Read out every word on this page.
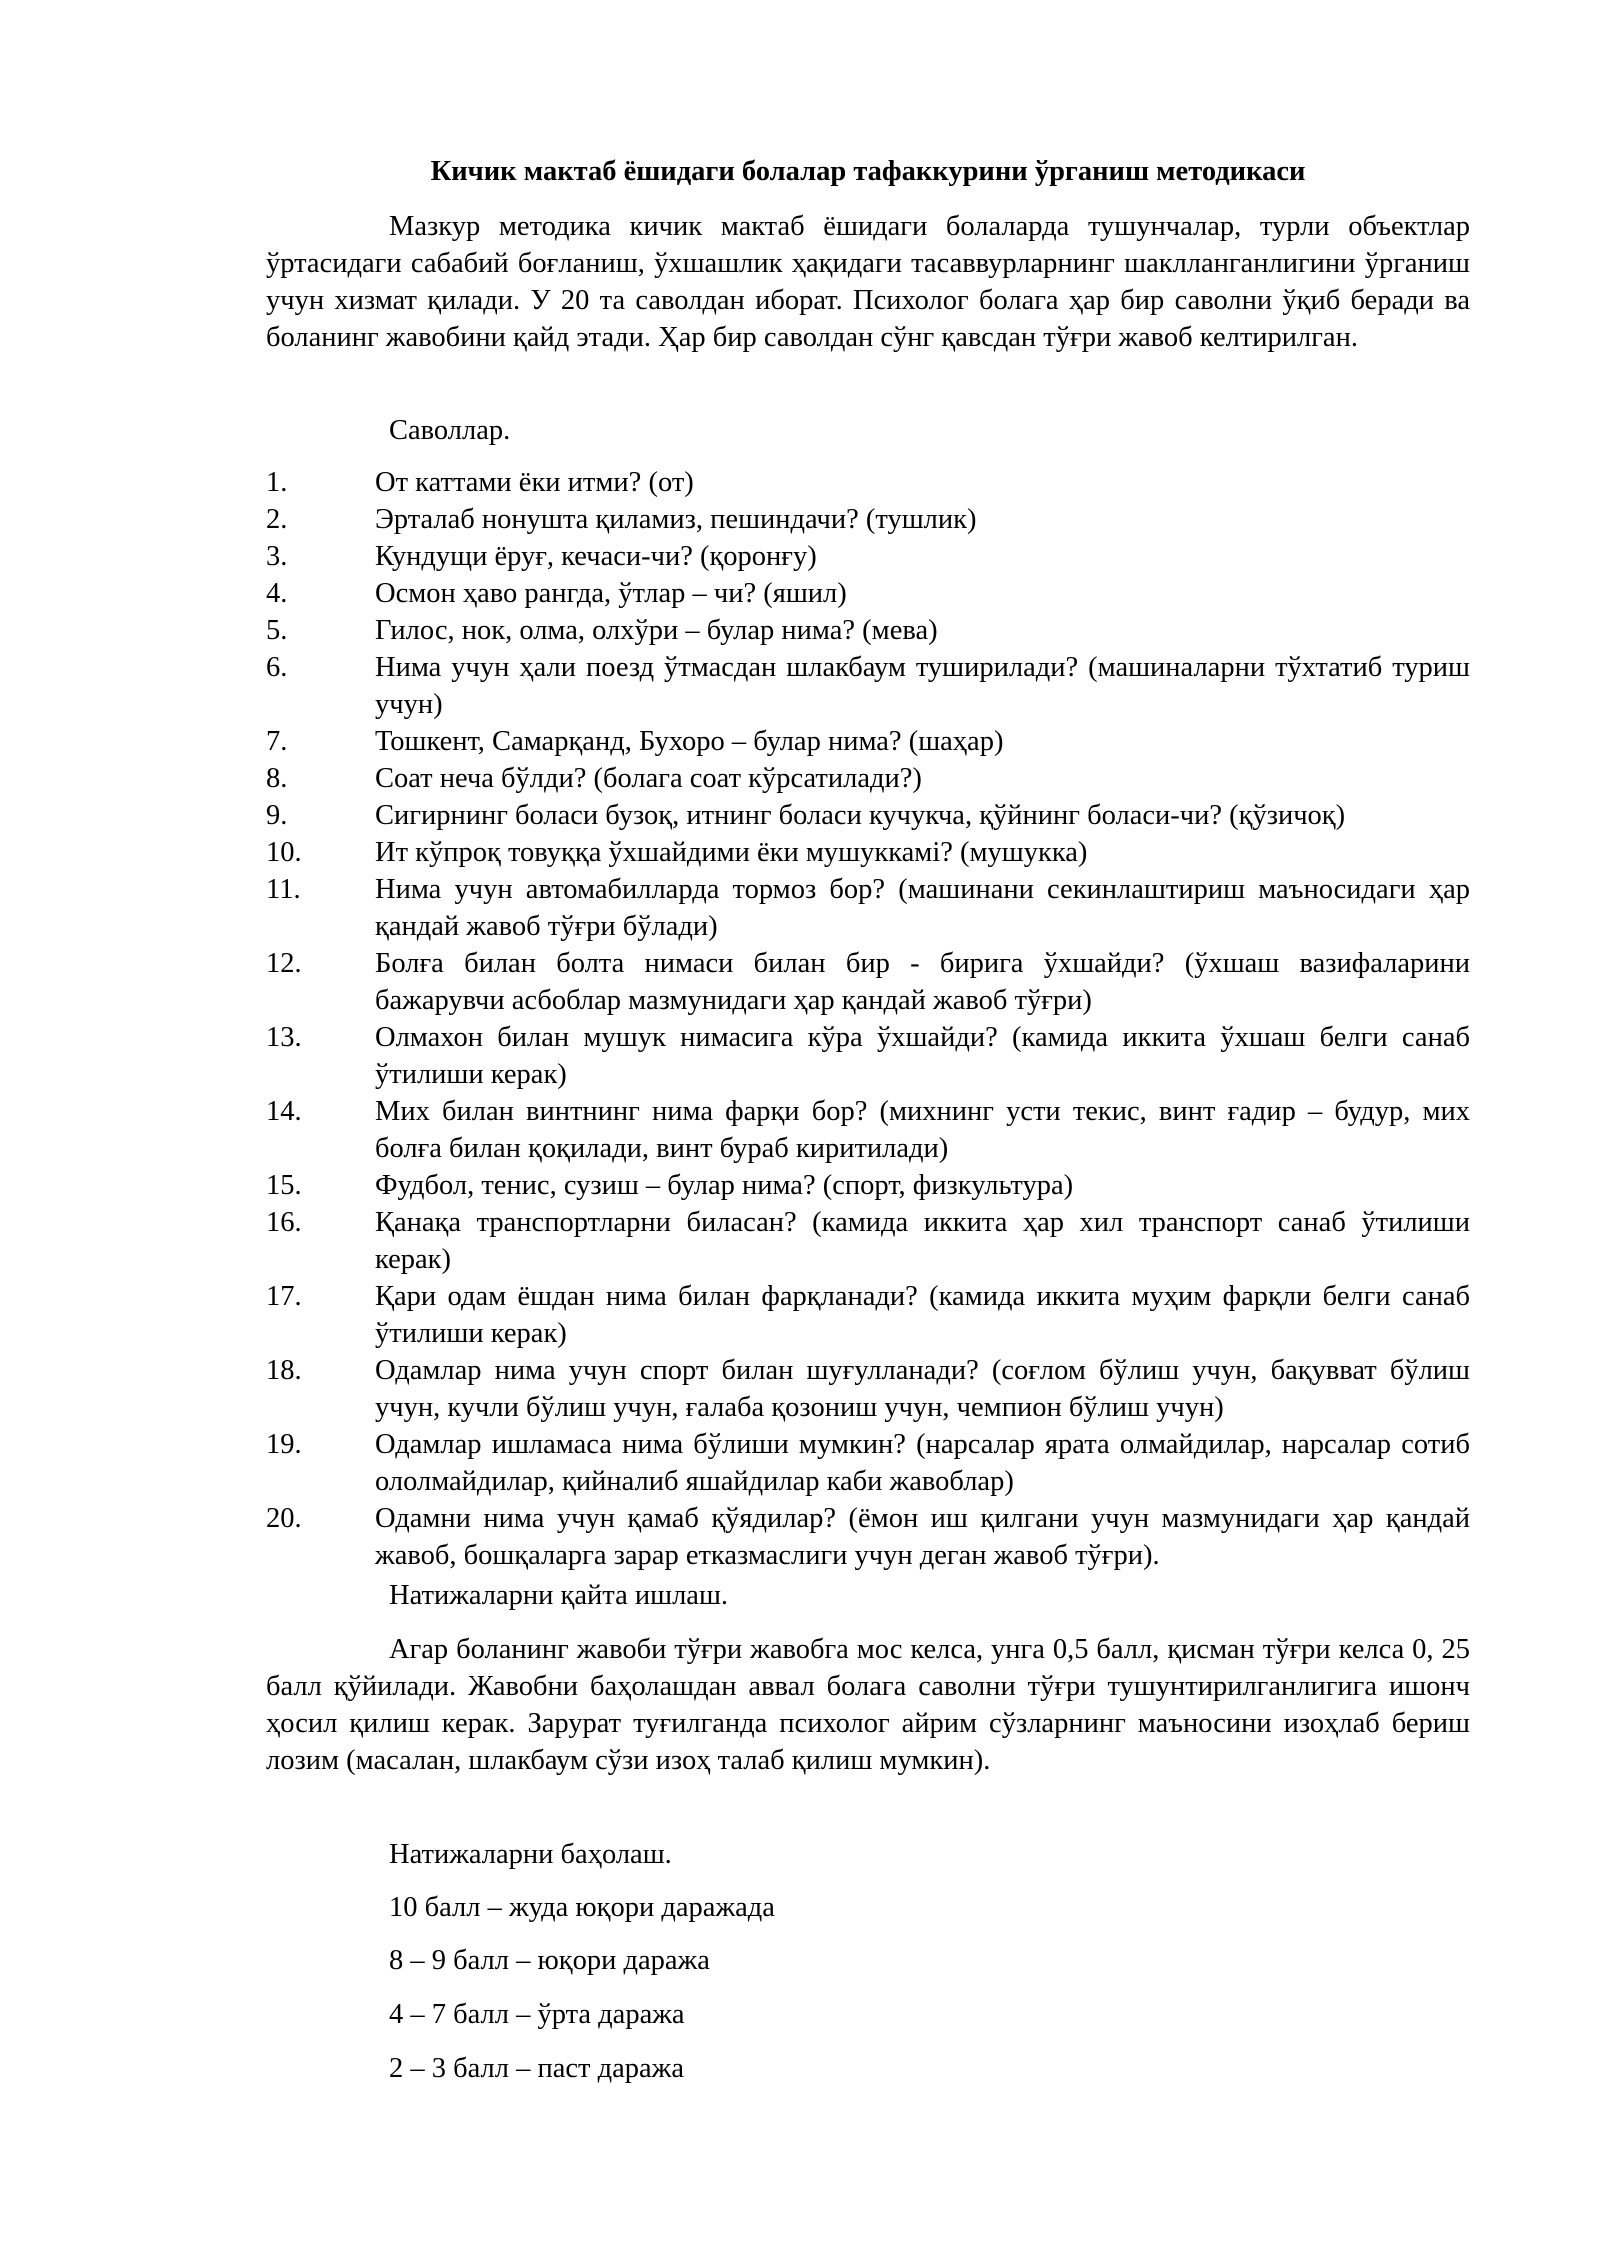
Кичик мактаб ёшидаги болалар тафаккурини ўрганиш методикаси

Мазкур методика кичик мактаб ёшидаги болаларда тушунчалар, турли объектлар ўртасидаги сабабий боғланиш, ўхшашлик ҳақидаги тасаввурларнинг шаклланганлигини ўрганиш учун хизмат қилади. У 20 та саволдан иборат. Психолог болага ҳар бир саволни ўқиб беради ва боланинг жавобини қайд этади. Ҳар бир саволдан сўнг қавсдан тўғри жавоб келтирилган.

Саволлар.
1.	От каттами ёки итми? (от)
2.	Эрталаб нонушта қиламиз, пешиндачи? (тушлик)
3.	Кундущи ёруғ, кечаси-чи? (қоронғу)
4.	Осмон ҳаво рангда, ўтлар – чи? (яшил)
5.	Гилос, нок, олма, олхўри – булар нима? (мева)
6.	Нима учун ҳали поезд ўтмасдан шлакбаум туширилади? (машиналарни тўхтатиб туриш учун)
7.	Тошкент, Самарқанд, Бухоро – булар нима? (шаҳар)
8.	Соат неча бўлди? (болага соат кўрсатилади?)
9.	Сигирнинг боласи бузоқ, итнинг боласи кучукча, қўйнинг боласи-чи? (қўзичоқ)
10.	Ит кўпроқ товуққа ўхшайдими ёки мушуккамi? (мушукка)
11.	Нима учун автомабилларда тормоз бор? (машинани секинлаштириш маъносидаги ҳар қандай жавоб тўғри бўлади)
12.	Болға билан болта нимаси билан бир - бирига ўхшайди? (ўхшаш вазифаларини бажарувчи асбоблар мазмунидаги ҳар қандай жавоб тўғри)
13.	Олмахон билан мушук нимасига кўра ўхшайди? (камида иккита ўхшаш белги санаб ўтилиши керак)
14.	Мих билан винтнинг нима фарқи бор? (михнинг усти текис, винт ғадир – будур, мих болға билан қоқилади, винт бураб киритилади)
15.	Фудбол, тенис, сузиш – булар нима? (спорт, физкультура)
16.	Қанақа транспортларни биласан? (камида иккита ҳар хил транспорт санаб ўтилиши керак)
17.	Қари одам ёшдан нима билан фарқланади? (камида иккита муҳим фарқли белги санаб ўтилиши керак)
18.	Одамлар нима учун спорт билан шуғулланади? (соғлом бўлиш учун, бақувват бўлиш учун, кучли бўлиш учун, ғалаба қозониш учун, чемпион бўлиш учун)
19.	Одамлар ишламаса нима бўлиши мумкин? (нарсалар ярата олмайдилар, нарсалар сотиб ололмайдилар, қийналиб яшайдилар каби жавоблар)
20.	Одамни нима учун қамаб қўядилар? (ёмон иш қилгани учун мазмунидаги ҳар қандай жавоб, бошқаларга зарар етказмаслиги учун деган жавоб тўғри).
Натижаларни қайта ишлаш.

Агар боланинг жавоби тўғри жавобга мос келса, унга 0,5 балл, қисман тўғри келса 0, 25 балл қўйилади. Жавобни баҳолашдан аввал болага саволни тўғри тушунтирилганлигига ишонч ҳосил қилиш керак. Зарурат туғилганда психолог айрим сўзларнинг маъносини изоҳлаб бериш лозим (масалан, шлакбаум сўзи изоҳ талаб қилиш мумкин).

Натижаларни баҳолаш.
10 балл – жуда юқори даражада
8 – 9 балл – юқори даража
4 – 7 балл – ўрта даража
2 – 3 балл – паст даража
